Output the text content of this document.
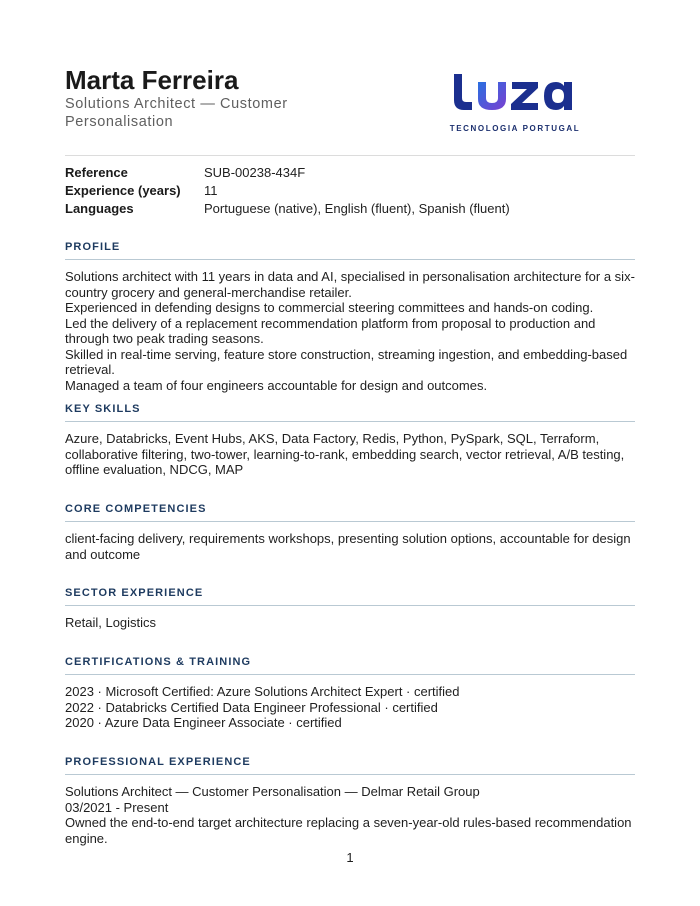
Marta Ferreira
Solutions Architect — Customer Personalisation	TECNOLOGIA PORTUGAL
Reference	SUB-00238-434F
Experience (years)	11
Languages	Portuguese (native), English (fluent), Spanish (fluent)
PROFILE
Solutions architect with 11 years in data and AI, specialised in personalisation architecture for a six-country grocery and general-merchandise retailer.
Experienced in defending designs to commercial steering committees and hands-on coding.
Led the delivery of a replacement recommendation platform from proposal to production and through two peak trading seasons.
Skilled in real-time serving, feature store construction, streaming ingestion, and embedding-based retrieval.
Managed a team of four engineers accountable for design and outcomes.
KEY SKILLS
Azure, Databricks, Event Hubs, AKS, Data Factory, Redis, Python, PySpark, SQL, Terraform, collaborative filtering, two-tower, learning-to-rank, embedding search, vector retrieval, A/B testing, offline evaluation, NDCG, MAP
CORE COMPETENCIES
client-facing delivery, requirements workshops, presenting solution options, accountable for design and outcome
SECTOR EXPERIENCE
Retail, Logistics
CERTIFICATIONS & TRAINING
2023 · Microsoft Certified: Azure Solutions Architect Expert · certified
2022 · Databricks Certified Data Engineer Professional · certified
2020 · Azure Data Engineer Associate · certified
PROFESSIONAL EXPERIENCE
Solutions Architect — Customer Personalisation — Delmar Retail Group
03/2021 - Present
Owned the end-to-end target architecture replacing a seven-year-old rules-based recommendation engine.
1
